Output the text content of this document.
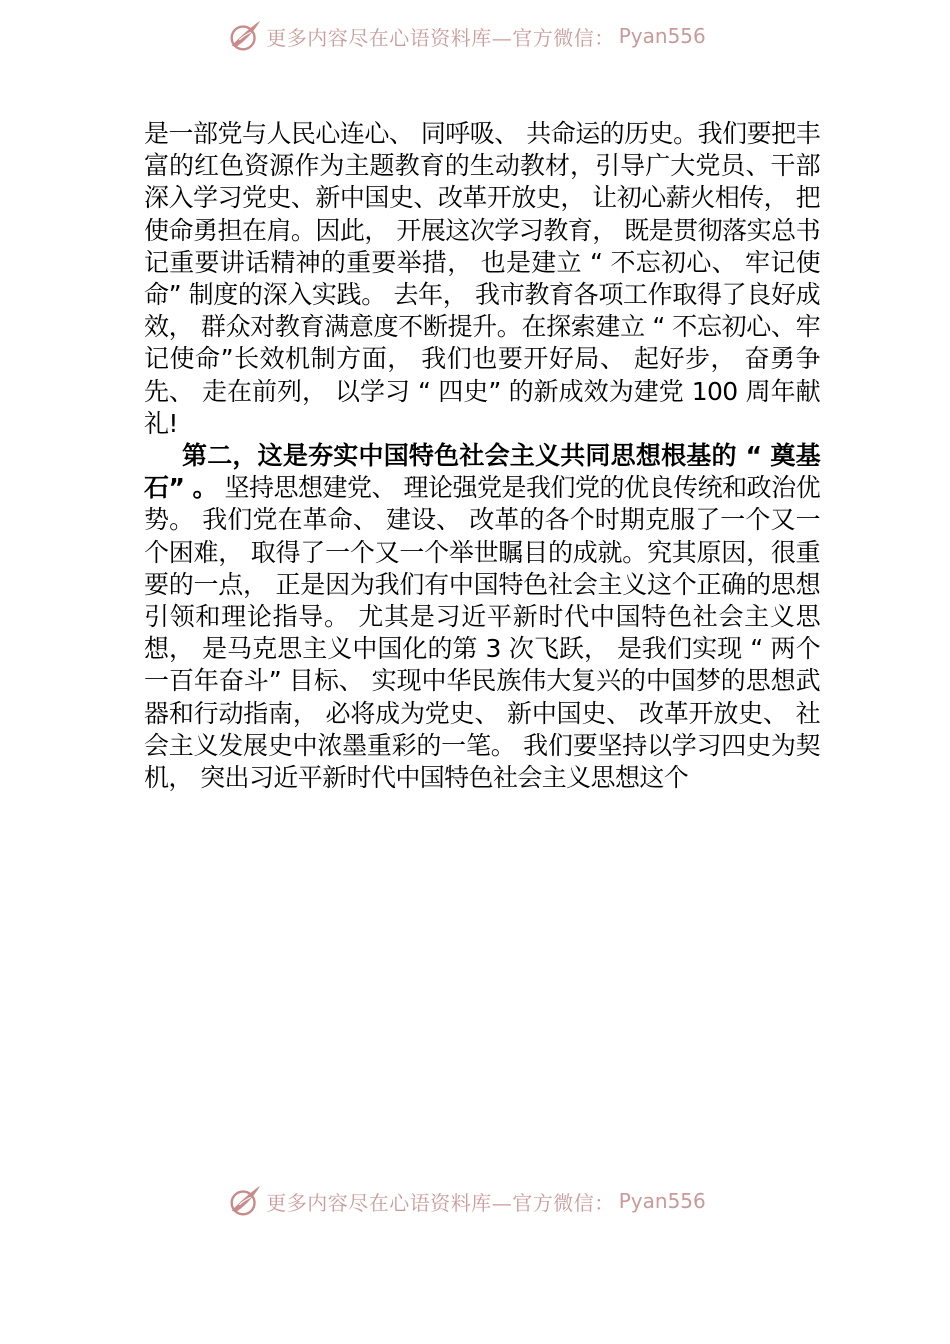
更多内容尽在心语资料库—官方微信： Pyan556

是一部党与人民心连心、 同呼吸、 共命运的历史。我们要把丰富的红色资源作为主题教育的生动教材，引导广大党员、干部深入学习党史、新中国史、改革开放史， 让初心薪火相传， 把使命勇担在肩。因此， 开展这次学习教育， 既是贯彻落实总书记重要讲话精神的重要举措， 也是建立 “ 不忘初心、 牢记使命” 制度的深入实践。 去年， 我市教育各项工作取得了良好成效， 群众对教育满意度不断提升。在探索建立 “ 不忘初心、牢记使命”长效机制方面， 我们也要开好局、 起好步， 奋勇争先、 走在前列， 以学习 “ 四史” 的新成效为建党 100 周年献礼!

第二，这是夯实中国特色社会主义共同思想根基的 “ 奠基石” 。 坚持思想建党、 理论强党是我们党的优良传统和政治优势。 我们党在革命、 建设、 改革的各个时期克服了一个又一个困难， 取得了一个又一个举世瞩目的成就。究其原因，很重要的一点， 正是因为我们有中国特色社会主义这个正确的思想引领和理论指导。 尤其是习近平新时代中国特色社会主义思想， 是马克思主义中国化的第 3 次飞跃， 是我们实现 “ 两个一百年奋斗” 目标、 实现中华民族伟大复兴的中国梦的思想武器和行动指南， 必将成为党史、 新中国史、 改革开放史、 社会主义发展史中浓墨重彩的一笔。 我们要坚持以学习四史为契机， 突出习近平新时代中国特色社会主义思想这个

更多内容尽在心语资料库—官方微信： Pyan556
